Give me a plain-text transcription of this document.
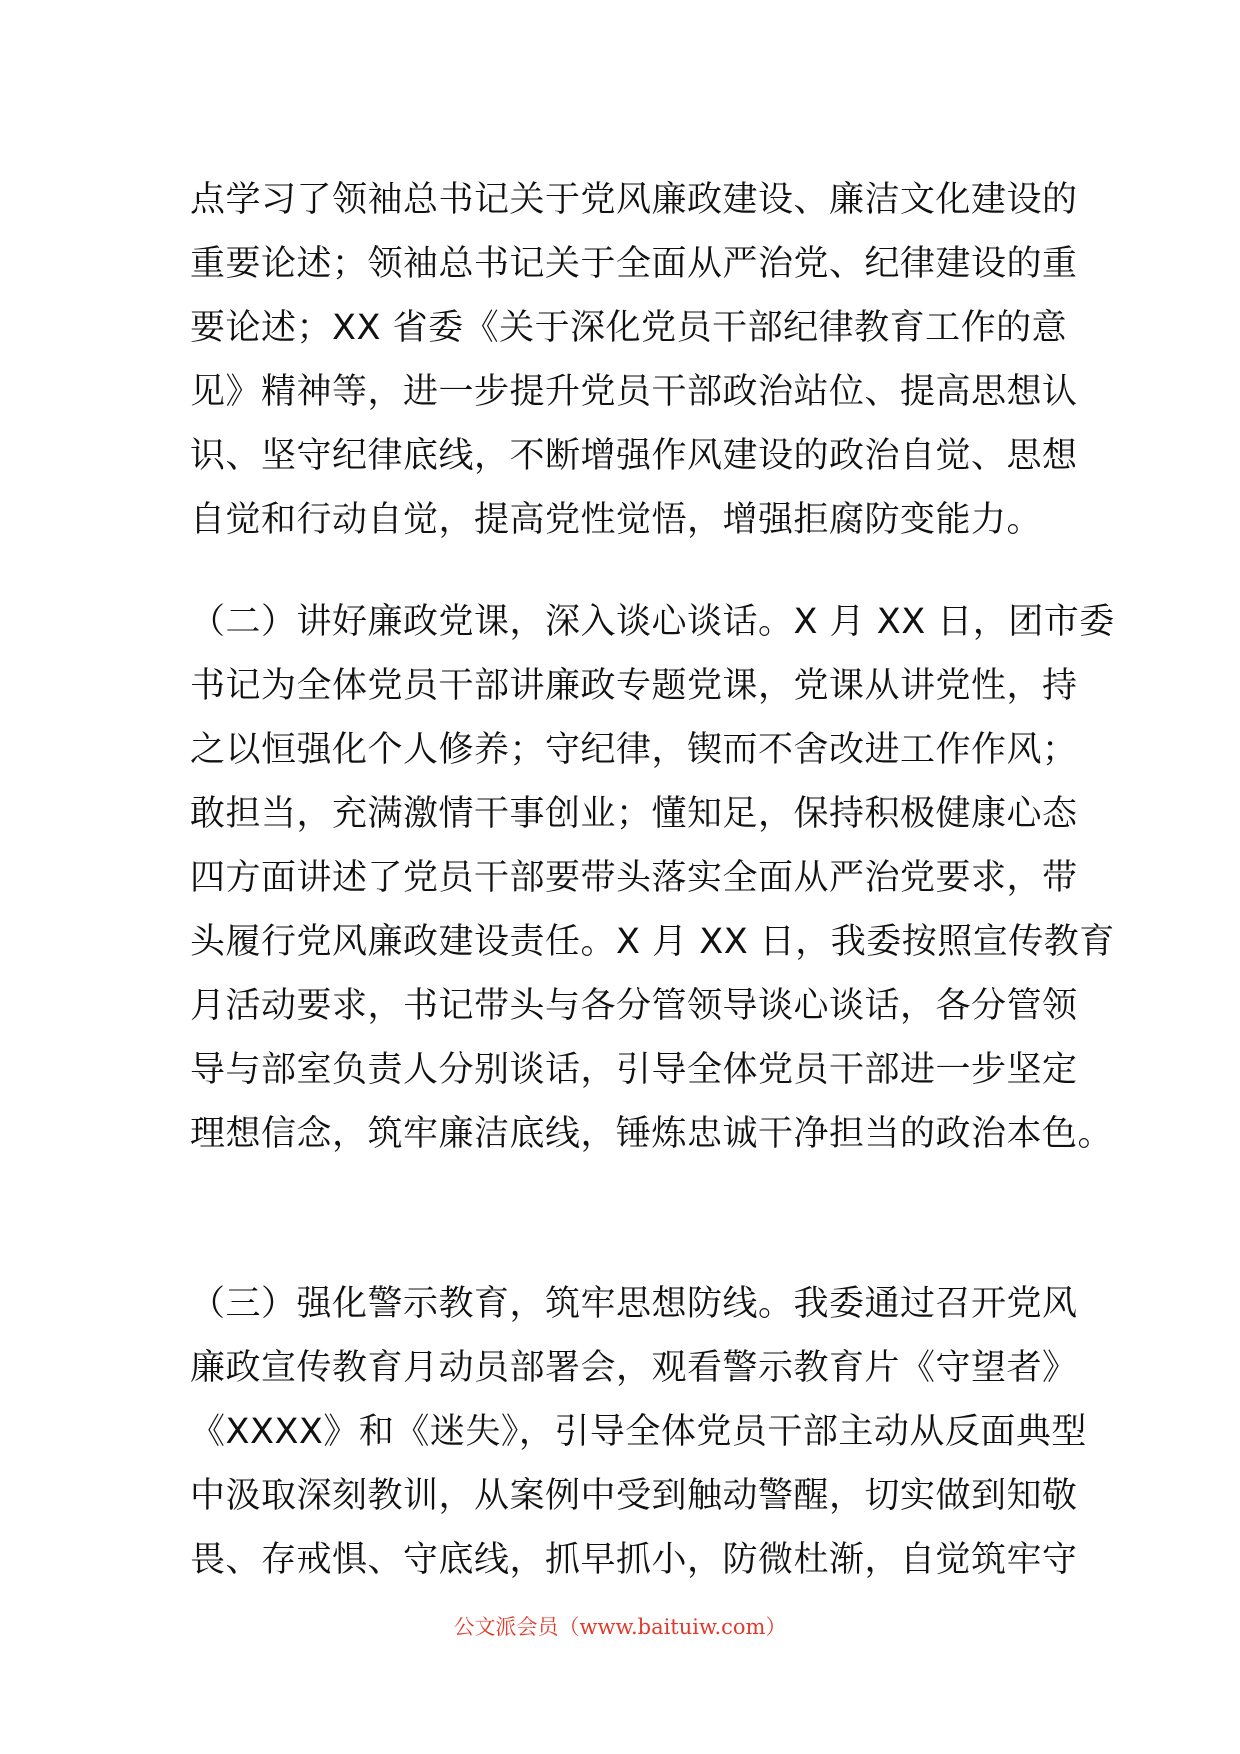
点学习了领袖总书记关于党风廉政建设、廉洁文化建设的
重要论述；领袖总书记关于全面从严治党、纪律建设的重
要论述；XX 省委《关于深化党员干部纪律教育工作的意
见》精神等，进一步提升党员干部政治站位、提高思想认
识、坚守纪律底线，不断增强作风建设的政治自觉、思想
自觉和行动自觉，提高党性觉悟，增强拒腐防变能力。
（二）讲好廉政党课，深入谈心谈话。X 月 XX 日，团市委
书记为全体党员干部讲廉政专题党课，党课从讲党性，持
之以恒强化个人修养；守纪律，锲而不舍改进工作作风；
敢担当，充满激情干事创业；懂知足，保持积极健康心态
四方面讲述了党员干部要带头落实全面从严治党要求，带
头履行党风廉政建设责任。X 月 XX 日，我委按照宣传教育
月活动要求，书记带头与各分管领导谈心谈话，各分管领
导与部室负责人分别谈话，引导全体党员干部进一步坚定
理想信念，筑牢廉洁底线，锤炼忠诚干净担当的政治本色。
（三）强化警示教育，筑牢思想防线。我委通过召开党风
廉政宣传教育月动员部署会，观看警示教育片《守望者》
《XXXX》和《迷失》，引导全体党员干部主动从反面典型
中汲取深刻教训，从案例中受到触动警醒，切实做到知敬
畏、存戒惧、守底线，抓早抓小，防微杜渐，自觉筑牢守
公文派会员（www.baituiw.com）
